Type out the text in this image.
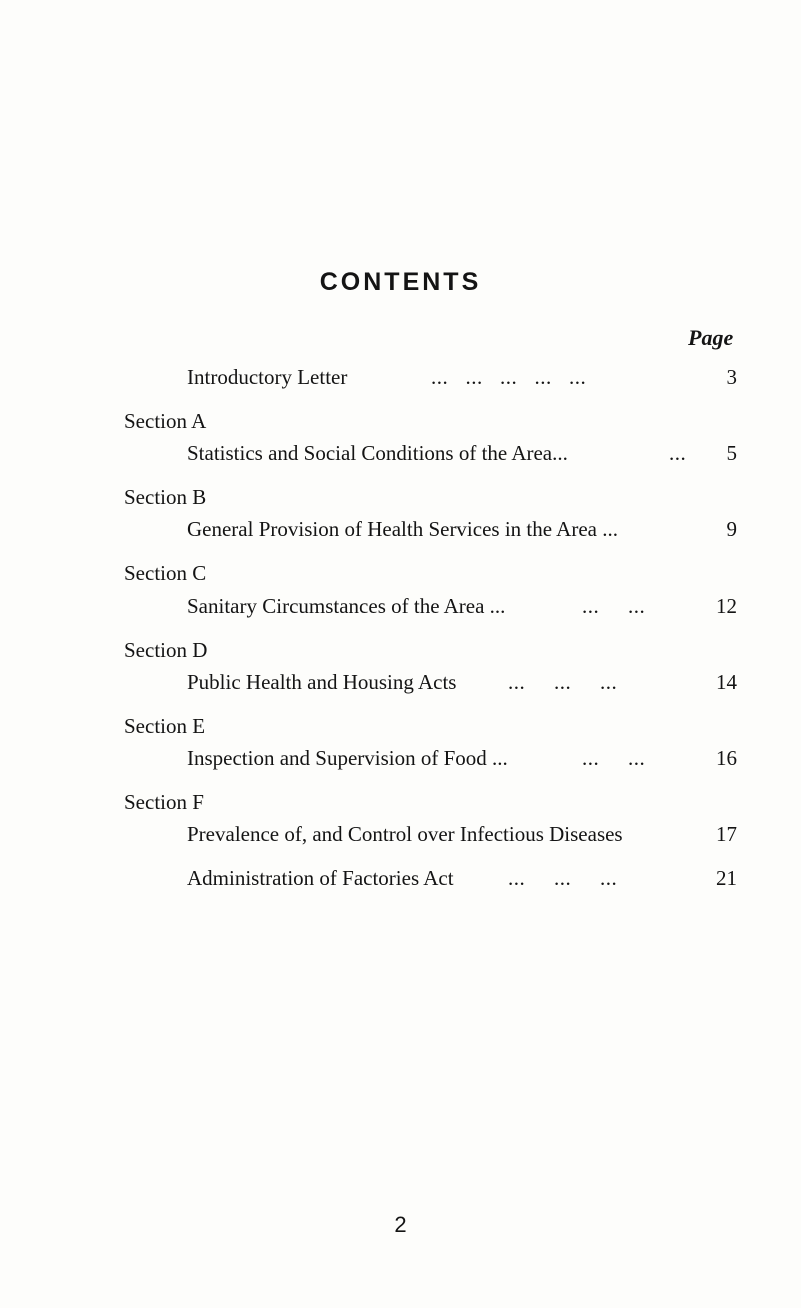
CONTENTS
Page
Introductory Letter	...   ...   ...   ...   ...	3
Section A
Statistics and Social Conditions of the Area...	... 5
Section B
General Provision of Health Services in the Area ...	9
Section C
Sanitary Circumstances of the Area ...	...     ...	12
Section D
Public Health and Housing Acts ...     ...     ...	14
Section E
Inspection and Supervision of Food ...	...     ...	16
Section F
Prevalence of, and Control over Infectious Diseases	17
Administration of Factories Act	...     ...     ...	21
2
